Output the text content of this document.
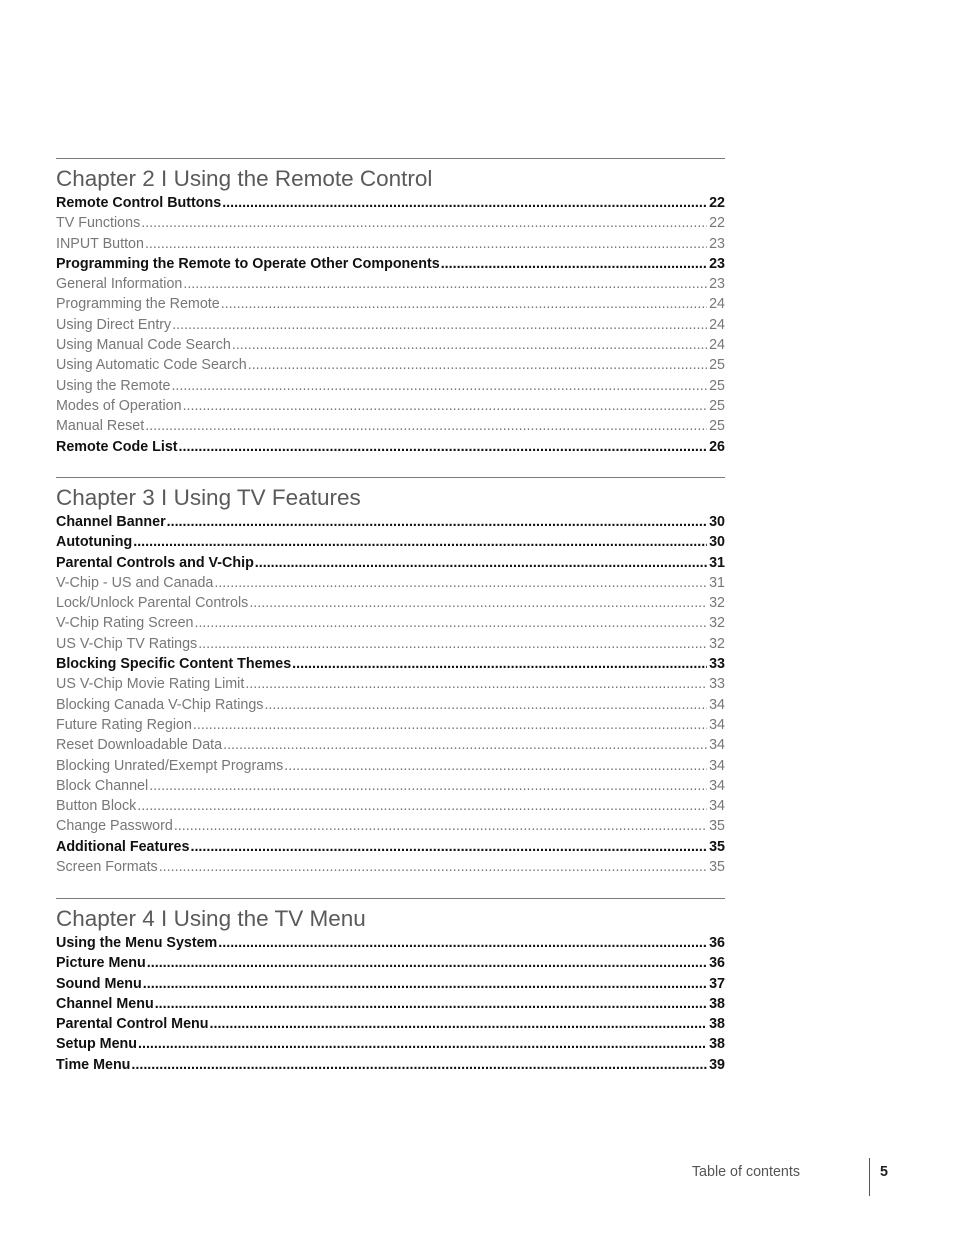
Chapter 2 I Using the Remote Control
Remote Control Buttons .....	22
TV Functions .....	22
INPUT Button .....	23
Programming the Remote to Operate Other Components .....	23
General Information .....	23
Programming the Remote .....	24
Using Direct Entry .....	24
Using Manual Code Search .....	24
Using Automatic Code Search .....	25
Using the Remote .....	25
Modes of Operation .....	25
Manual Reset .....	25
Remote Code List .....	26
Chapter 3 I Using TV Features
Channel Banner .....	30
Autotuning .....	30
Parental Controls and V-Chip .....	31
V-Chip - US and Canada .....	31
Lock/Unlock Parental Controls .....	32
V-Chip Rating Screen .....	32
US V-Chip TV Ratings .....	32
Blocking Specific Content Themes .....	33
US V-Chip Movie Rating Limit .....	33
Blocking Canada V-Chip Ratings .....	34
Future Rating Region .....	34
Reset Downloadable Data .....	34
Blocking Unrated/Exempt Programs .....	34
Block Channel .....	34
Button Block .....	34
Change Password .....	35
Additional Features .....	35
Screen Formats .....	35
Chapter 4 I Using the TV Menu
Using the Menu System .....	36
Picture Menu .....	36
Sound Menu .....	37
Channel Menu .....	38
Parental Control Menu .....	38
Setup Menu .....	38
Time Menu .....	39
Table of contents	5
